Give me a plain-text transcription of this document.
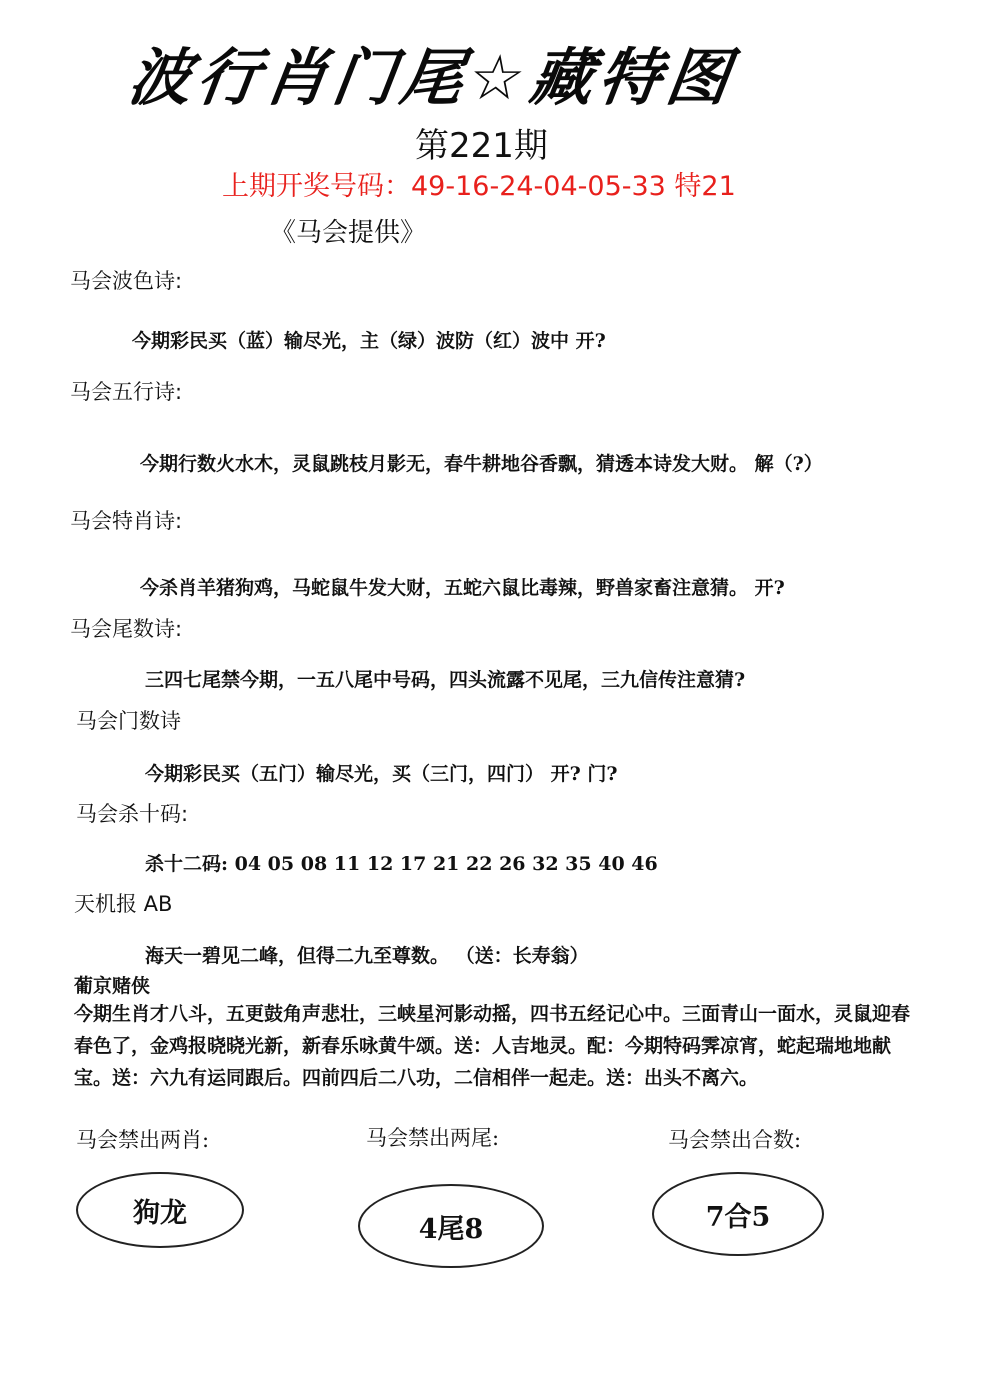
波行肖门尾☆藏特图
第221期
上期开奖号码：49-16-24-04-05-33 特21
《马会提供》
马会波色诗:
今期彩民买（蓝）输尽光，主（绿）波防（红）波中 开?
马会五行诗:
今期行数火水木，灵鼠跳枝月影无，春牛耕地谷香飘，猜透本诗发大财。 解（?）
马会特肖诗:
今杀肖羊猪狗鸡，马蛇鼠牛发大财，五蛇六鼠比毒辣，野兽家畜注意猜。 开?
马会尾数诗:
三四七尾禁今期，一五八尾中号码，四头流露不见尾，三九信传注意猜?
马会门数诗
今期彩民买（五门）输尽光，买（三门，四门） 开? 门?
马会杀十码:
杀十二码: 04 05 08 11 12 17 21 22 26 32 35 40 46
天机报 AB
海天一碧见二峰，但得二九至尊数。 （送：长寿翁）
葡京赌侠
今期生肖才八斗，五更鼓角声悲壮，三峡星河影动摇，四书五经记心中。三面青山一面水，灵鼠迎春春色了，金鸡报晓晓光新，新春乐咏黄牛颂。送：人吉地灵。配：今期特码霁凉宵，蛇起瑞地地献宝。送：六九有运同跟后。四前四后二八功，二信相伴一起走。送：出头不离六。
马会禁出两肖:	马会禁出两尾:	马会禁出合数:
狗龙
4尾8	7合5
